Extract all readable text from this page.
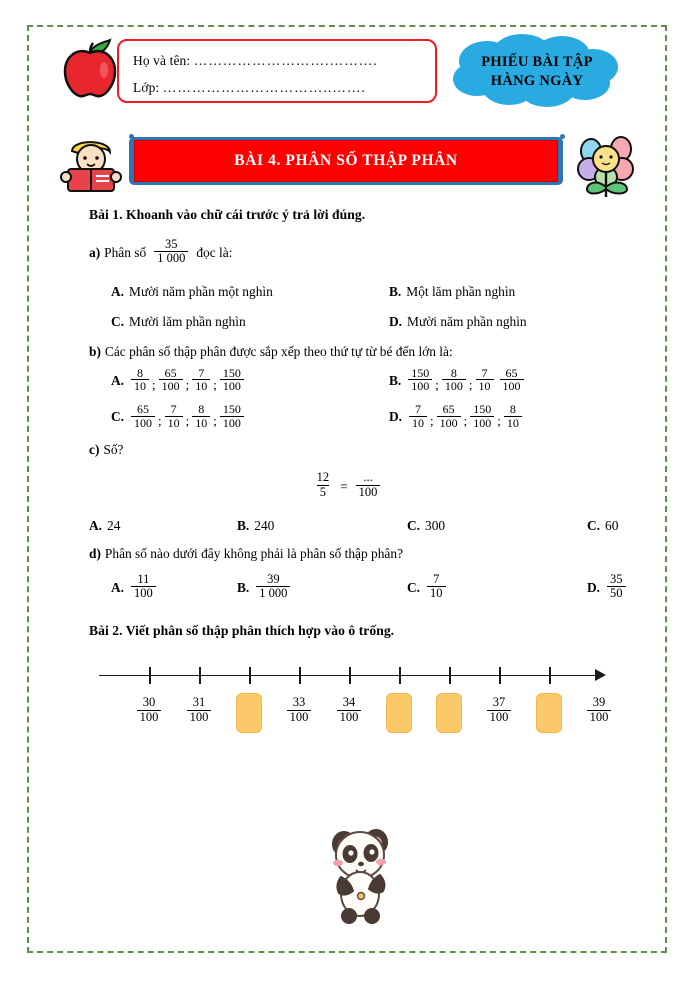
Họ và tên: ……………………….……….
Lớp: ……………………………..…….
PHIẾU BÀI TẬP
HÀNG NGÀY
BÀI 4. PHÂN SỐ THẬP PHÂN
Bài 1. Khoanh vào chữ cái trước ý trả lời đúng.
a) Phân số $\frac{35}{1 000}$ đọc là:
A. Mười năm phần một nghìn	B. Một lăm phần nghìn
C. Mười lăm phần nghìn	D. Mười năm phần nghìn
b) Các phân số thập phân được sắp xếp theo thứ tự từ bé đến lớn là:
A. $\frac{8}{10}$ ; $\frac{65}{100}$ ; $\frac{7}{10}$ ; $\frac{150}{100}$	B. $\frac{150}{100}$ ; $\frac{8}{100}$ ; $\frac{7}{10} \frac{65}{100}$
C. $\frac{65}{100}$ ; $\frac{7}{10}$ ; $\frac{8}{10}$ ; $\frac{150}{100}$	D. $\frac{7}{10}$ ; $\frac{65}{100}$ ; $\frac{150}{100}$ ; $\frac{8}{10}$
c) Số?
$\frac{12}{5} = \frac{...}{100}$
A. 24	B. 240	C. 300	C. 60
d) Phân số nào dưới đây không phải là phân số thập phân?
A. $\frac{11}{100}$	B. $\frac{39}{1 000}$	C. $\frac{7}{10}$	D. $\frac{35}{50}$
Bài 2. Viết phân số thập phân thích hợp vào ô trống.
$\frac{30}{100} \frac{31}{100}$	$\frac{33}{100} \frac{34}{100}$	$\frac{37}{100}$	$\frac{39}{100}$
